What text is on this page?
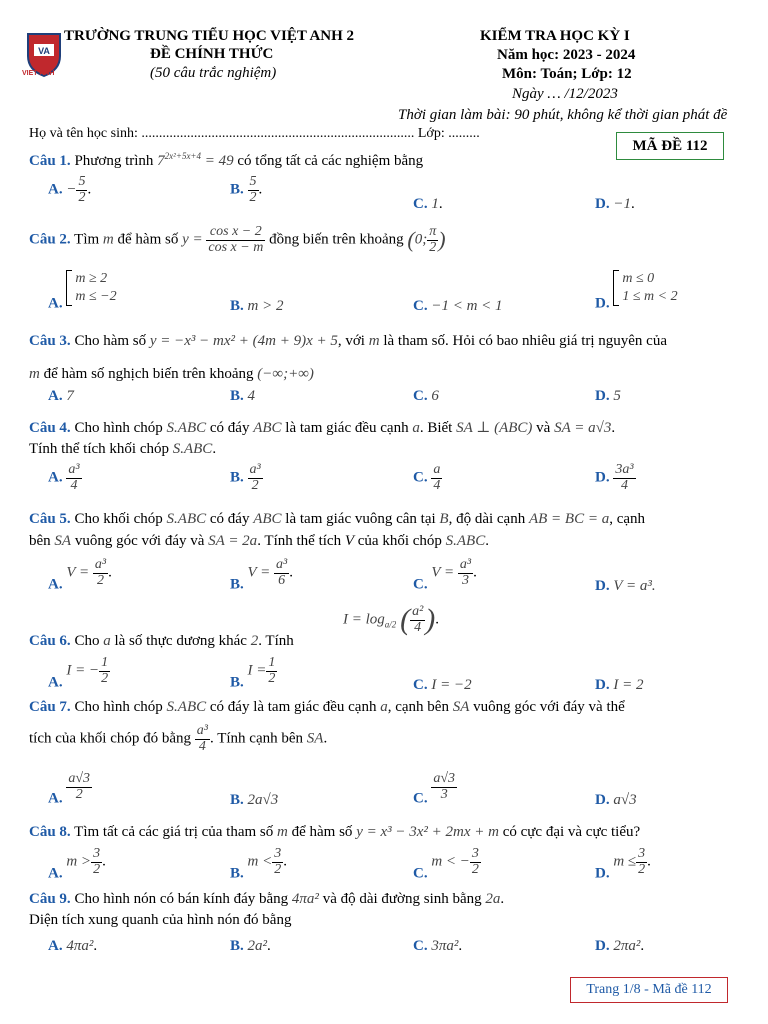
VA
VIET ANH
TRƯỜNG TRUNG TIỂU HỌC VIỆT ANH 2
ĐỀ CHÍNH THỨC
(50 câu trắc nghiệm)
KIỂM TRA HỌC KỲ I
Năm học: 2023 - 2024
Môn: Toán; Lớp: 12
Ngày … /12/2023
Thời gian làm bài: 90 phút, không kể thời gian phát đề
Họ và tên học sinh: .............................................................................. Lớp: .........
MÃ ĐỀ 112
Câu 1. Phương trình $7^{2x^2+5x+4} = 49$ có tổng tất cả các nghiệm bằng
A. − $\frac{5}{2}$ .	B. $\frac{5}{2}$ .
C. 1.	D. −1.
Câu 2. Tìm m để hàm số $y = \frac{\text{cos x − 2}}{\text{cos x − m}}$ đồng biến trên khoảng (0; $\frac{\pi}{2}$ )
A.
m ≥ 2
m ≤ −2
B. m > 2	C. −1 < m < 1	D.
m ≤ 0
1 ≤ m < 2
Câu 3. Cho hàm số y = −x³ − mx² + (4m + 9)x + 5, với m là tham số. Hỏi có bao nhiêu giá trị nguyên của
m để hàm số nghịch biến trên khoảng (−∞;+∞)
A. 7	B. 4	C. 6	D. 5
Câu 4. Cho hình chóp S.ABC có đáy ABC là tam giác đều cạnh a. Biết SA ⊥ (ABC) và SA = a√3.
Tính thể tích khối chóp S.ABC.
A. $\frac{\text{a³}}{4}$	B. $\frac{\text{a³}}{2}$	C. $\frac{a}{4}$	D. $\frac{\text{3a³}}{4}$
Câu 5. Cho khối chóp S.ABC có đáy ABC là tam giác vuông cân tại B, độ dài cạnh AB = BC = a, cạnh
bên SA vuông góc với đáy và SA = 2a. Tính thể tích V của khối chóp S.ABC.
A. $V = \frac{\text{a³}}{2}$ .
B. $V = \frac{\text{a³}}{6}$ .
C. $V = \frac{\text{a³}}{3}$ .
D. V = a³.
$I = \log_{a/2}$ ( $\frac{\text{a²}}{4}$ ).
Câu 6. Cho a là số thực dương khác 2. Tính
A. I = − $\frac{1}{2}$	B. $I = \frac{1}{2}$	C. I = −2	D. I = 2
Câu 7. Cho hình chóp S.ABC có đáy là tam giác đều cạnh a, cạnh bên SA vuông góc với đáy và thể
tích của khối chóp đó bằng $\frac{\text{a³}}{4}$ . Tính cạnh bên SA.
A. $\frac{a√3}{2}$	B. 2a√3	C. $\frac{a√3}{3}$	D. a√3
Câu 8. Tìm tất cả các giá trị của tham số m để hàm số y = x³ − 3x² + 2mx + m có cực đại và cực tiểu?
A. $m > \frac{3}{2}$ .
B. $m < \frac{3}{2}$ .
C. m < − $\frac{3}{2}$	D. $m \le \frac{3}{2}$ .
Câu 9. Cho hình nón có bán kính đáy bằng 4πa² và độ dài đường sinh bằng 2a.
Diện tích xung quanh của hình nón đó bằng
A. 4πa².	B. 2a².	C. 3πa².	D. 2πa².
Trang 1/8 - Mã đề 112
